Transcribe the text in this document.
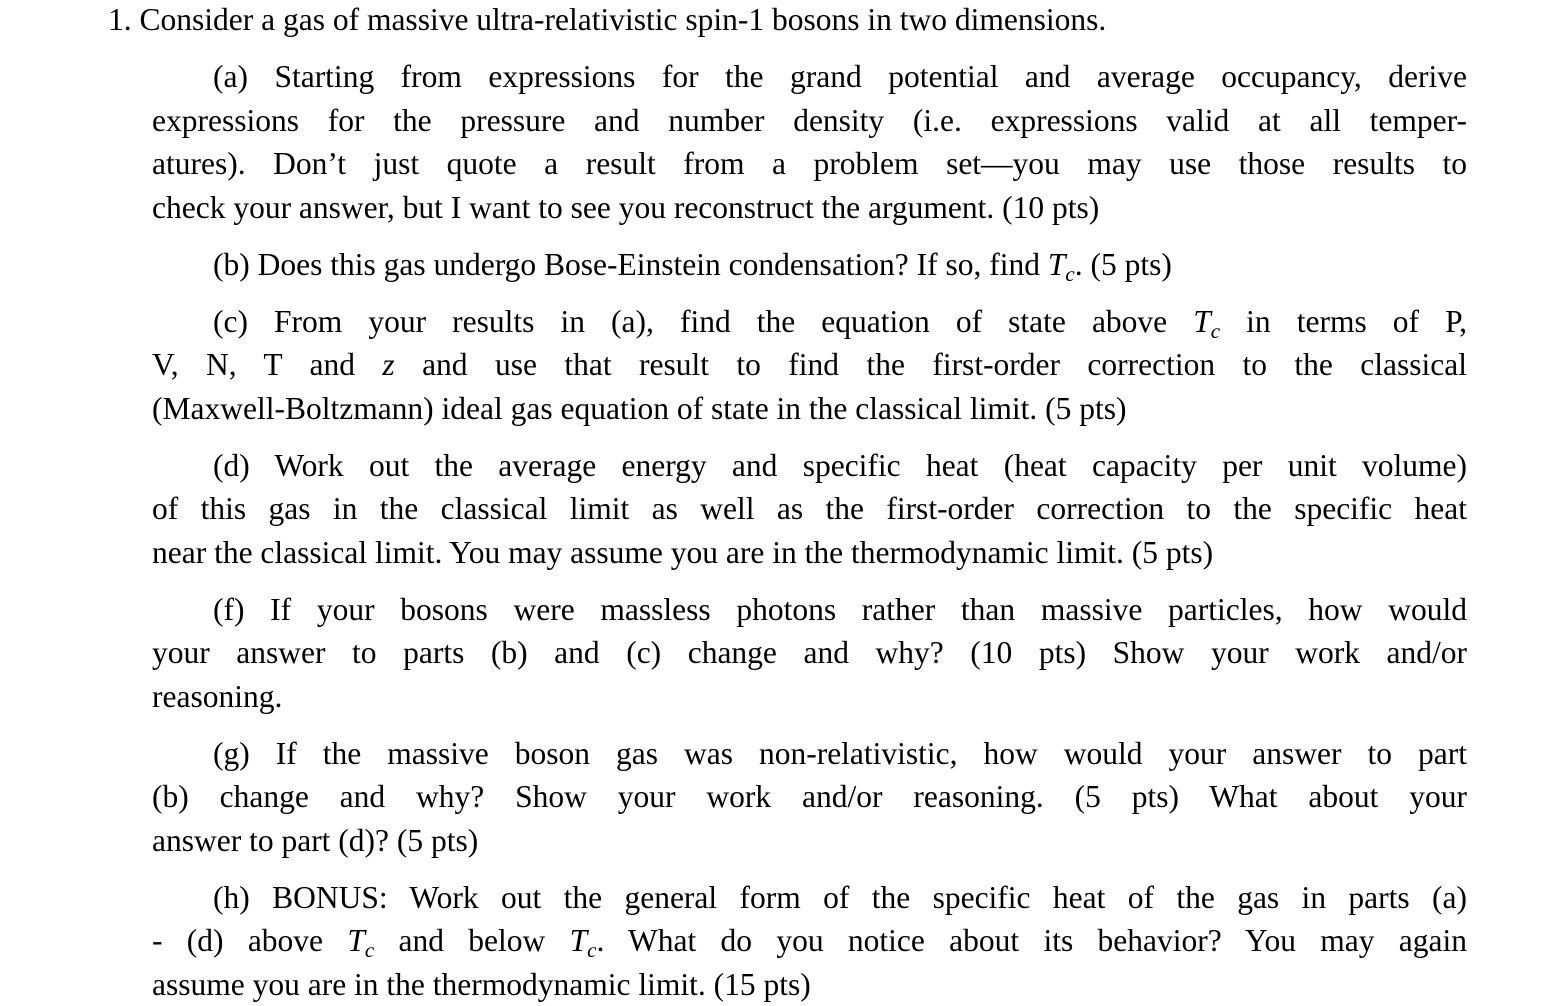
1. Consider a gas of massive ultra-relativistic spin-1 bosons in two dimensions.
(a) Starting from expressions for the grand potential and average occupancy, derive
expressions for the pressure and number density (i.e. expressions valid at all temper-
atures). Don’t just quote a result from a problem set—you may use those results to
check your answer, but I want to see you reconstruct the argument. (10 pts)
(b) Does this gas undergo Bose-Einstein condensation? If so, find $T_c$. (5 pts)
(c) From your results in (a), find the equation of state above $T_c$ in terms of P,
V, N, T and z and use that result to find the first-order correction to the classical
(Maxwell-Boltzmann) ideal gas equation of state in the classical limit. (5 pts)
(d) Work out the average energy and specific heat (heat capacity per unit volume)
of this gas in the classical limit as well as the first-order correction to the specific heat
near the classical limit. You may assume you are in the thermodynamic limit. (5 pts)
(f) If your bosons were massless photons rather than massive particles, how would
your answer to parts (b) and (c) change and why? (10 pts) Show your work and/or
reasoning.
(g) If the massive boson gas was non-relativistic, how would your answer to part
(b) change and why? Show your work and/or reasoning. (5 pts) What about your
answer to part (d)? (5 pts)
(h) BONUS: Work out the general form of the specific heat of the gas in parts (a)
- (d) above $T_c$ and below $T_c$. What do you notice about its behavior? You may again
assume you are in the thermodynamic limit. (15 pts)
